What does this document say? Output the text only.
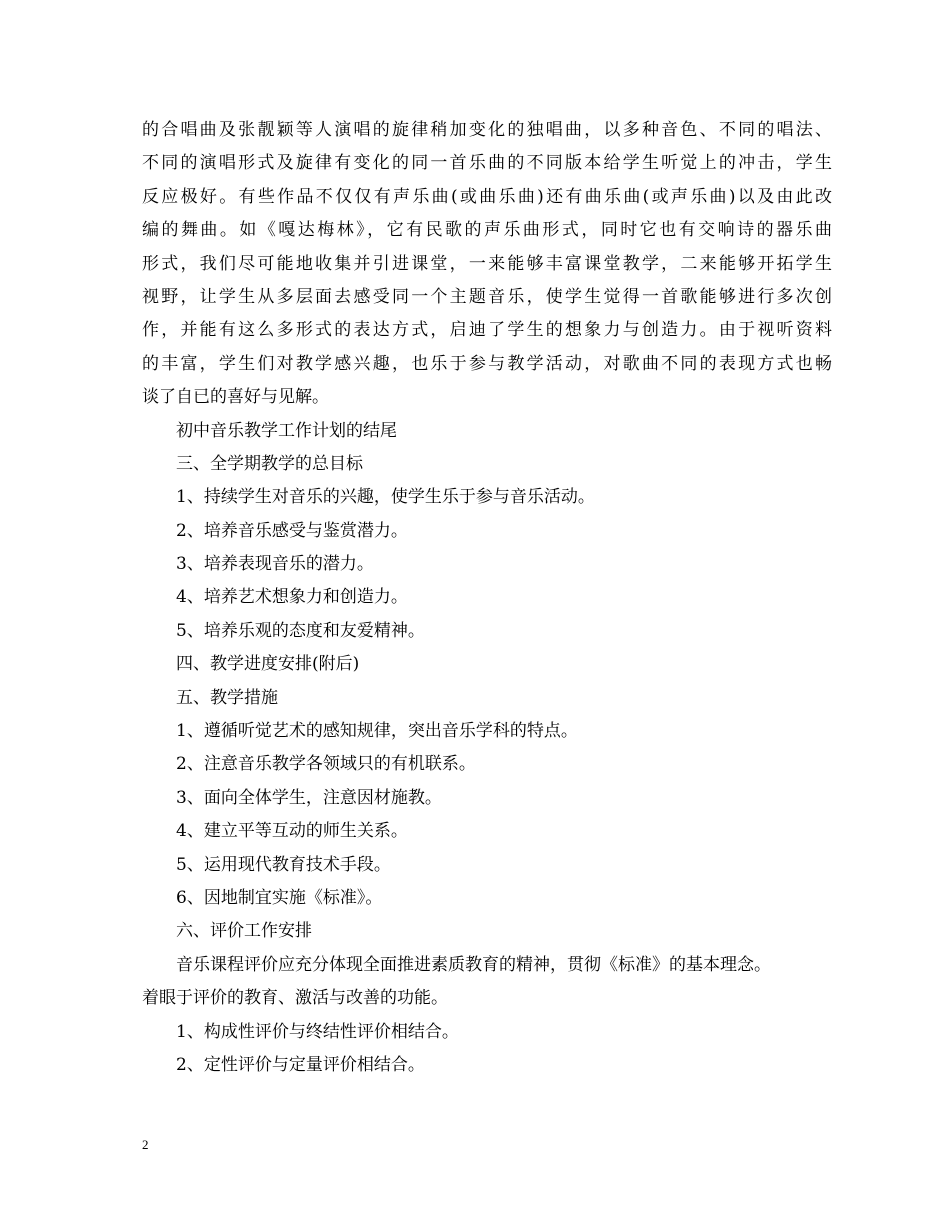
的合唱曲及张靓颖等人演唱的旋律稍加变化的独唱曲，以多种音色、不同的唱法、
不同的演唱形式及旋律有变化的同一首乐曲的不同版本给学生听觉上的冲击，学生
反应极好。有些作品不仅仅有声乐曲(或曲乐曲)还有曲乐曲(或声乐曲)以及由此改
编的舞曲。如《嘎达梅林》，它有民歌的声乐曲形式，同时它也有交响诗的器乐曲
形式，我们尽可能地收集并引进课堂，一来能够丰富课堂教学，二来能够开拓学生
视野，让学生从多层面去感受同一个主题音乐，使学生觉得一首歌能够进行多次创
作，并能有这么多形式的表达方式，启迪了学生的想象力与创造力。由于视听资料
的丰富，学生们对教学感兴趣，也乐于参与教学活动，对歌曲不同的表现方式也畅
谈了自已的喜好与见解。
初中音乐教学工作计划的结尾
三、全学期教学的总目标
1、持续学生对音乐的兴趣，使学生乐于参与音乐活动。
2、培养音乐感受与鉴赏潜力。
3、培养表现音乐的潜力。
4、培养艺术想象力和创造力。
5、培养乐观的态度和友爱精神。
四、教学进度安排(附后)
五、教学措施
1、遵循听觉艺术的感知规律，突出音乐学科的特点。
2、注意音乐教学各领域只的有机联系。
3、面向全体学生，注意因材施教。
4、建立平等互动的师生关系。
5、运用现代教育技术手段。
6、因地制宜实施《标准》。
六、评价工作安排
音乐课程评价应充分体现全面推进素质教育的精神，贯彻《标准》的基本理念。
着眼于评价的教育、激活与改善的功能。
1、构成性评价与终结性评价相结合。
2、定性评价与定量评价相结合。
2
